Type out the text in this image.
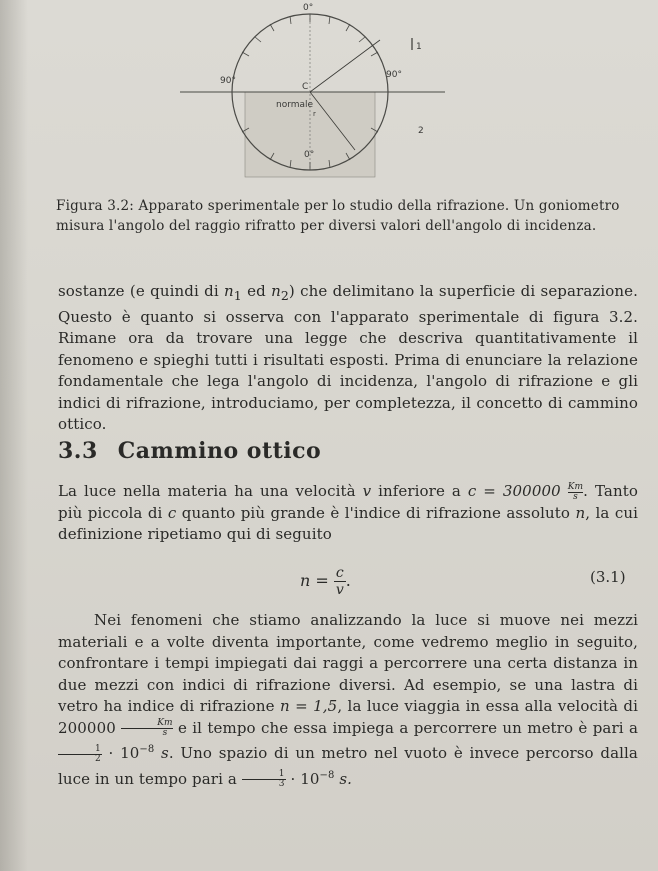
0°
90°
90°
normale
C
r
0°
1
2
Figura 3.2: Apparato sperimentale per lo studio della rifrazione. Un goniometro misura l'angolo del raggio rifratto per diversi valori dell'angolo di incidenza.
sostanze (e quindi di $n_1$ ed $n_2$) che delimitano la superficie di separazione. Questo è quanto si osserva con l'apparato sperimentale di figura 3.2. Rimane ora da trovare una legge che descriva quantitativamente il fenomeno e spieghi tutti i risultati esposti. Prima di enunciare la relazione fondamentale che lega l'angolo di incidenza, l'angolo di rifrazione e gli indici di rifrazione, introduciamo, per completezza, il concetto di cammino ottico.
3.3 Cammino ottico
La luce nella materia ha una velocità v inferiore a $c = 300000 \frac{Km}{s}$ . Tanto più piccola di c quanto più grande è l'indice di rifrazione assoluto n, la cui definizione ripetiamo qui di seguito
$n = \frac{c}{v}$ .	(3.1)
Nei fenomeni che stiamo analizzando la luce si muove nei mezzi materiali e a volte diventa importante, come vedremo meglio in seguito, confrontare i tempi impiegati dai raggi a percorrere una certa distanza in due mezzi con indici di rifrazione diversi. Ad esempio, se una lastra di vetro ha indice di rifrazione n = 1,5, la luce viaggia in essa alla velocità di $200000 \frac{Km}{s}$ e il tempo che essa impiega a percorrere un metro è pari a
$\frac{1}{2} \cdot 10^{-8}$ s. Uno spazio di un metro nel vuoto è invece percorso dalla luce in un tempo pari a $\frac{1}{3} \cdot 10^{-8}$ s.
